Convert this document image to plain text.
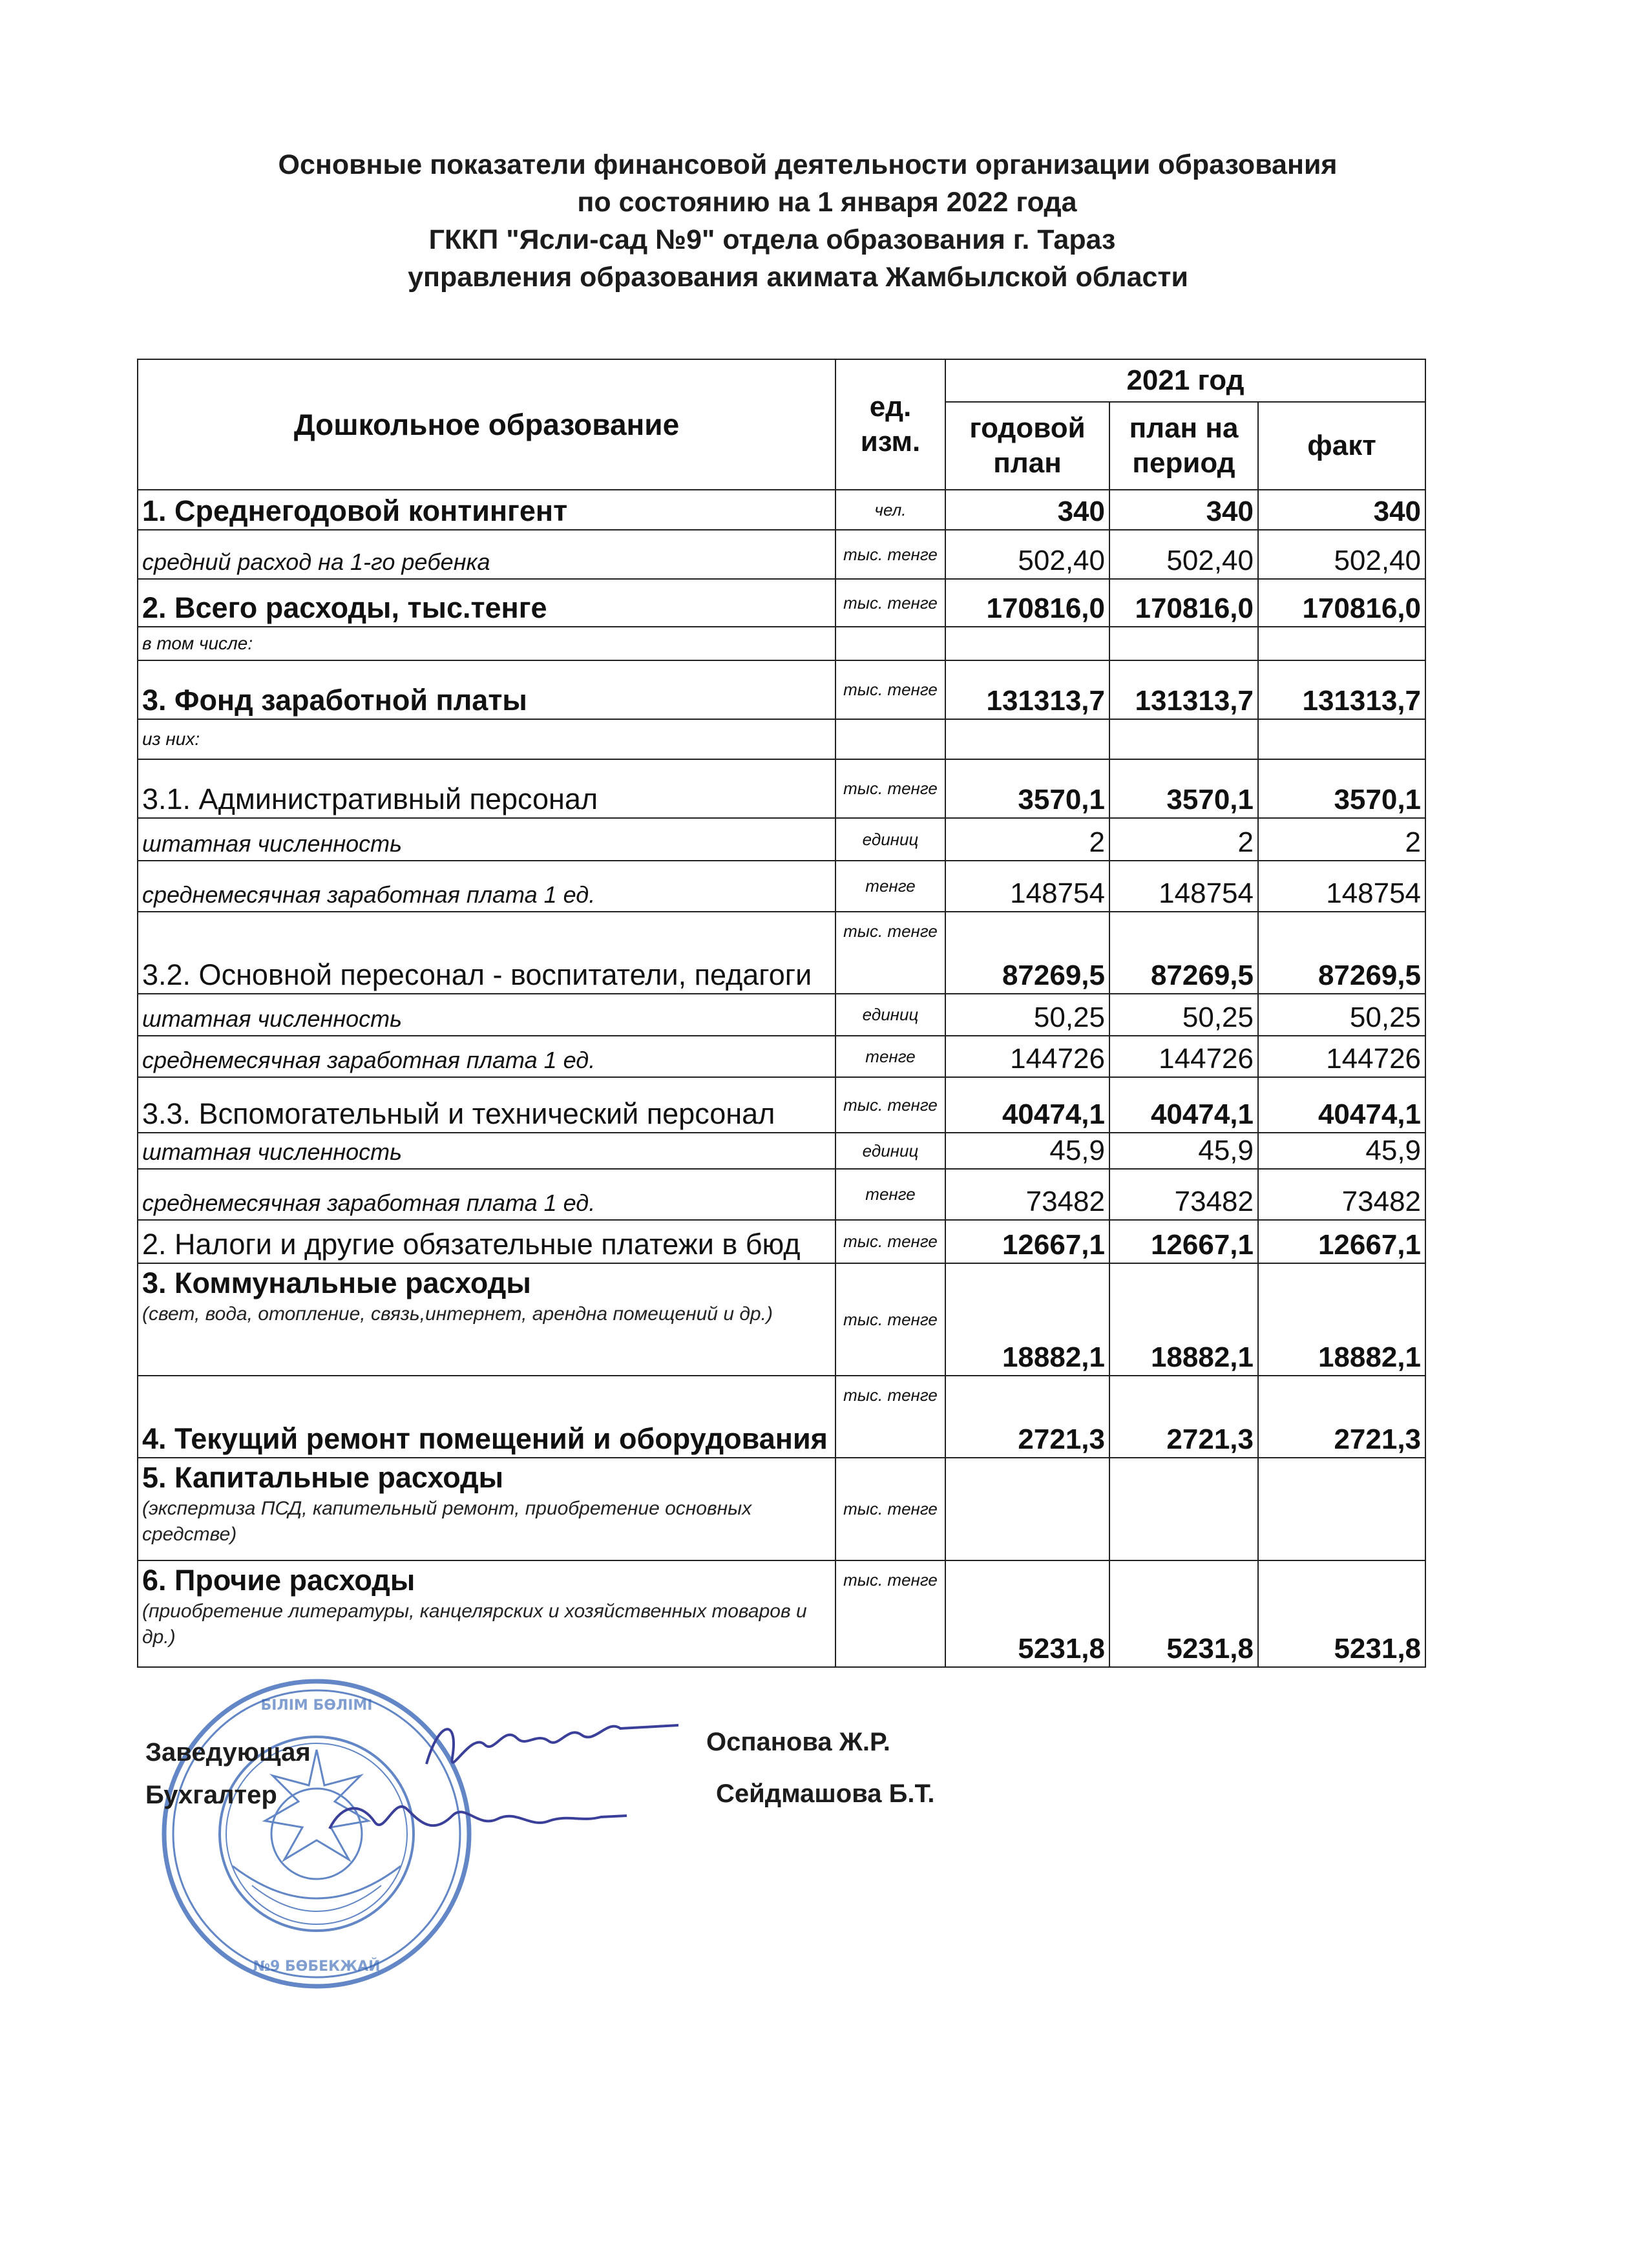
Основные показатели финансовой деятельности организации образования
по состоянию на 1 января 2022 года
ГККП "Ясли-сад №9" отдела образования г. Тараз
управления образования акимата Жамбылской области
Дошкольное образование	ед. изм.	2021 год		
		годовой план	план на период	факт
1. Среднегодовой контингент	чел.	340	340	340
средний расход на 1-го ребенка	тыс. тенге	502,40	502,40	502,40
2. Всего расходы, тыс.тенге	тыс. тенге	170816,0	170816,0	170816,0
в том числе:				
3. Фонд заработной платы	тыс. тенге	131313,7	131313,7	131313,7
из них:				
3.1. Административный персонал	тыс. тенге	3570,1	3570,1	3570,1
штатная численность	единиц	2	2	2
среднемесячная заработная плата 1 ед.	тенге	148754	148754	148754
3.2. Основной пересонал - воспитатели, педагоги	тыс. тенге	87269,5	87269,5	87269,5
штатная численность	единиц	50,25	50,25	50,25
среднемесячная заработная плата 1 ед.	тенге	144726	144726	144726
3.3. Вспомогательный и технический персонал	тыс. тенге	40474,1	40474,1	40474,1
штатная численность	единиц	45,9	45,9	45,9
среднемесячная заработная плата 1 ед.	тенге	73482	73482	73482
2. Налоги и другие обязательные платежи в бюд	тыс. тенге	12667,1	12667,1	12667,1

3. Коммунальные расходы
(свет, вода, отопление, связь,интернет, арендна помещений и др.)	тыс. тенге	18882,1	18882,1	18882,1
4. Текущий ремонт помещений и оборудования	тыс. тенге	2721,3	2721,3	2721,3

5. Капитальные расходы
(экспертиза ПСД, капительный ремонт, приобретение основных средстве)	тыс. тенге			

6. Прочие расходы
(приобретение литературы, канцелярских и хозяйственных товаров и др.)	тыс. тенге	5231,8	5231,8	5231,8
БІЛІМ БӨЛІМІ
№9 БӨБЕКЖАЙ
Заведующая	Оспанова Ж.Р.
Бухгалтер	Сейдмашова Б.Т.
